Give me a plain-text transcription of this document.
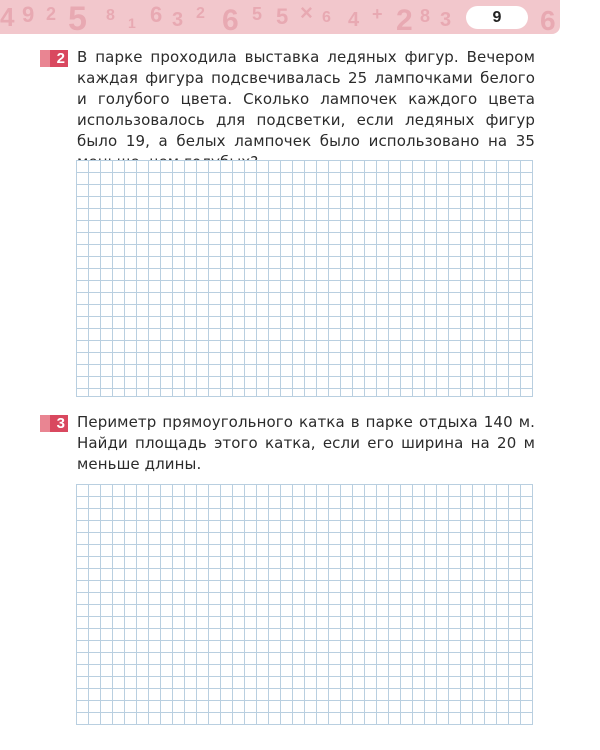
4 9 2 5 8 1 6 3 2 6 5 5 × 6 4 + 2 8 3	6
9
2 В парке проходила выставка ледяных фигур. Вечером каждая фигура подсвечивалась 25 лампочками белого и голубого цвета. Сколько лампочек каждого цвета использовалось для подсветки, если ледяных фигур было 19, а белых лампочек было использовано на 35
3 Периметр прямоугольного катка в парке отдыха 140 м. Найди площадь этого катка, если его ширина на 20 м меньше длины.
